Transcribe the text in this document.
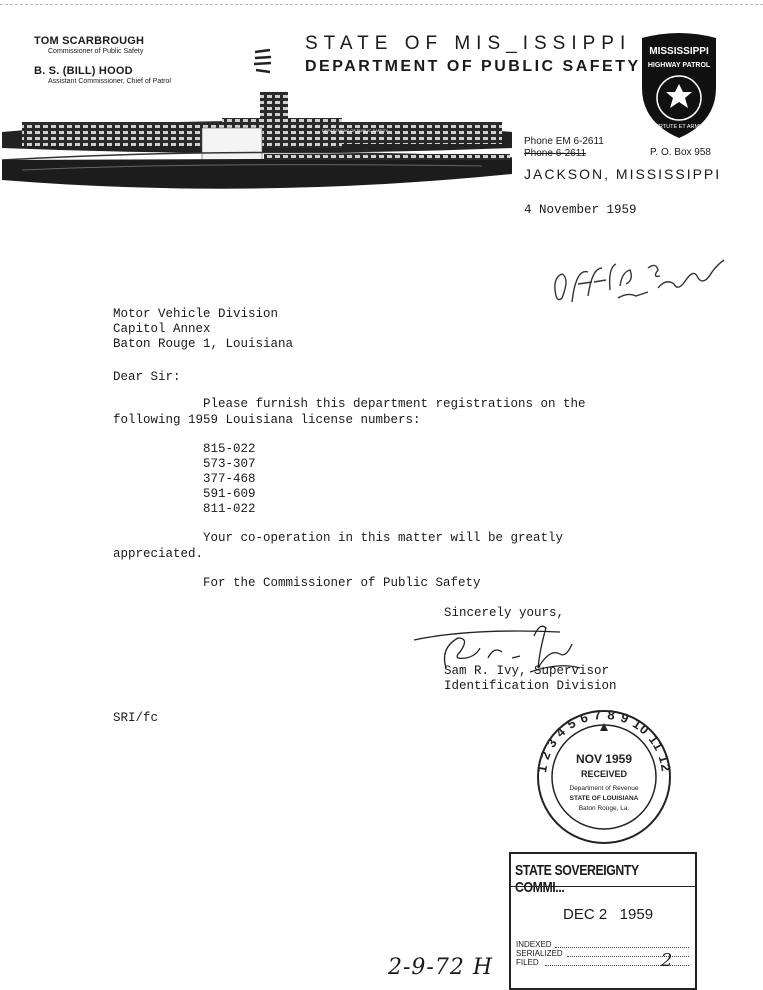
TOM SCARBROUGH
Commissioner of Public Safety
B. S. (BILL) HOOD
Assistant Commissioner, Chief of Patrol
STATE OF MIS_ISSIPPI
DEPARTMENT OF PUBLIC SAFETY
MISSISSIPPI
HIGHWAY PATROL
VIRTUTE ET ARMIS
DEPARTMENT OF PUBLIC SAFETY
Phone EM 6-2611
Phone 6-2611	P. O. Box 958
JACKSON, MISSISSIPPI
4 November 1959
Office & motor code
Motor Vehicle Division
Capitol Annex
Baton Rouge 1, Louisiana
Dear Sir:
Please furnish this department registrations on the
following 1959 Louisiana license numbers:
815-022
573-307
377-468
591-609
811-022
Your co-operation in this matter will be greatly
appreciated.
For the Commissioner of Public Safety
Sincerely yours,
Sam R. Ivy Sam R. Ivy, Supervisor
Identification Division
SRI/fc
1 2 3 4 5 6 7 8 9 10 11 12
NOV 1959
RECEIVED
Department of Revenue
STATE OF LOUISIANA
Baton Rouge, La.
STATE SOVEREIGNTY COMMI...
DEC 2   1959
INDEXED
SERIALIZED
FILED	2
2-9-72 H
